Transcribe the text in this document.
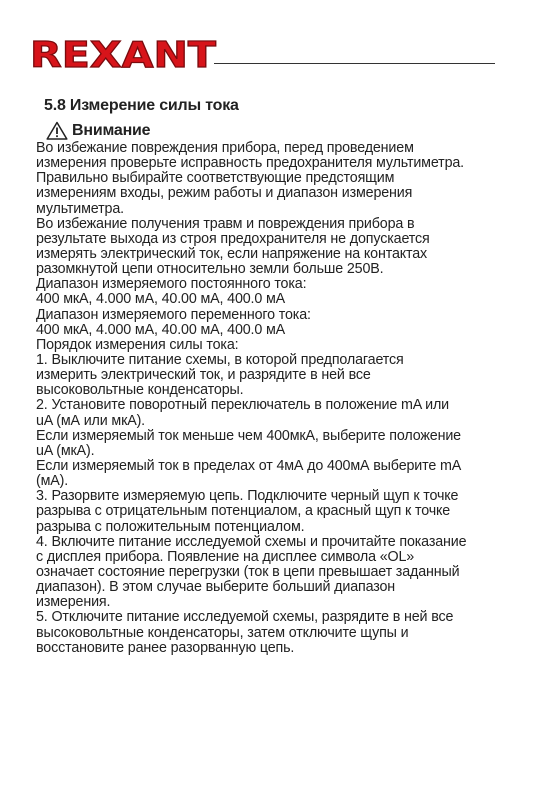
REXANT
5.8 Измерение силы тока
Внимание
Во избежание повреждения прибора, перед проведением
измерения проверьте исправность предохранителя мультиметра.
Правильно выбирайте соответствующие предстоящим
измерениям входы, режим работы и диапазон измерения
мультиметра.
Во избежание получения травм и повреждения прибора в
результате выхода из строя предохранителя не допускается
измерять электрический ток, если напряжение на контактах
разомкнутой цепи относительно земли больше 250В.
Диапазон измеряемого постоянного тока:
400 мкА, 4.000 мА, 40.00 мА, 400.0 мА
Диапазон измеряемого переменного тока:
400 мкА, 4.000 мА, 40.00 мА, 400.0 мА
Порядок измерения силы тока:
1. Выключите питание схемы, в которой предполагается
измерить электрический ток, и разрядите в ней все
высоковольтные конденсаторы.
2. Установите поворотный переключатель в положение mA или
uA (мА или мкА).
Если измеряемый ток меньше чем 400мкА, выберите положение
uA (мкА).
Если измеряемый ток в пределах от 4мА до 400мА выберите mA
(мА).
3. Разорвите измеряемую цепь. Подключите черный щуп к точке
разрыва с отрицательным потенциалом, а красный щуп к точке
разрыва с положительным потенциалом.
4. Включите питание исследуемой схемы и прочитайте показание
с дисплея прибора. Появление на дисплее символа «OL»
означает состояние перегрузки (ток в цепи превышает заданный
диапазон). В этом случае выберите больший диапазон
измерения.
5. Отключите питание исследуемой схемы, разрядите в ней все
высоковольтные конденсаторы, затем отключите щупы и
восстановите ранее разорванную цепь.
